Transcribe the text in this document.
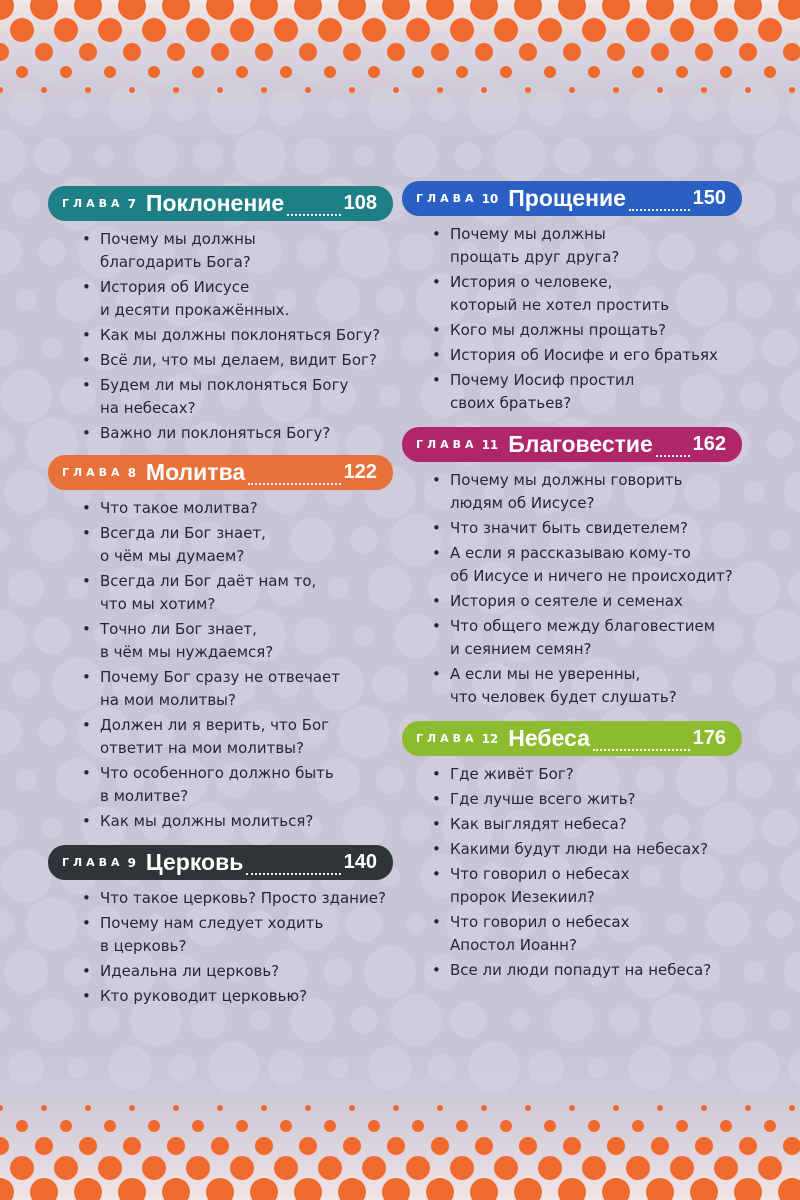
ГЛАВА 7 Поклонение	108
• Почему мы должны
благодарить Бога?
• История об Иисусе
и десяти прокажённых.
• Как мы должны поклоняться Богу?
• Всё ли, что мы делаем, видит Бог?
• Будем ли мы поклоняться Богу
на небесах?
• Важно ли поклоняться Богу?
ГЛАВА 8 Молитва	122
• Что такое молитва?
• Всегда ли Бог знает,
о чём мы думаем?
• Всегда ли Бог даёт нам то,
что мы хотим?
• Точно ли Бог знает,
в чём мы нуждаемся?
• Почему Бог сразу не отвечает
на мои молитвы?
• Должен ли я верить, что Бог
ответит на мои молитвы?
• Что особенного должно быть
в молитве?
• Как мы должны молиться?
ГЛАВА 9 Церковь	140
• Что такое церковь? Просто здание?
• Почему нам следует ходить
в церковь?
• Идеальна ли церковь?
• Кто руководит церковью?
ГЛАВА 10 Прощение	150
• Почему мы должны
прощать друг друга?
• История о человеке,
который не хотел простить
• Кого мы должны прощать?
• История об Иосифе и его братьях
• Почему Иосиф простил
своих братьев?
ГЛАВА 11 Благовестие 162
• Почему мы должны говорить
людям об Иисусе?
• Что значит быть свидетелем?
• А если я рассказываю кому-то
об Иисусе и ничего не происходит?
• История о сеятеле и семенах
• Что общего между благовестием
и сеянием семян?
• А если мы не уверенны,
что человек будет слушать?
ГЛАВА 12 Небеса	176
• Где живёт Бог?
• Где лучше всего жить?
• Как выглядят небеса?
• Какими будут люди на небесах?
• Что говорил о небесах
пророк Иезекиил?
• Что говорил о небесах
Апостол Иоанн?
• Все ли люди попадут на небеса?
